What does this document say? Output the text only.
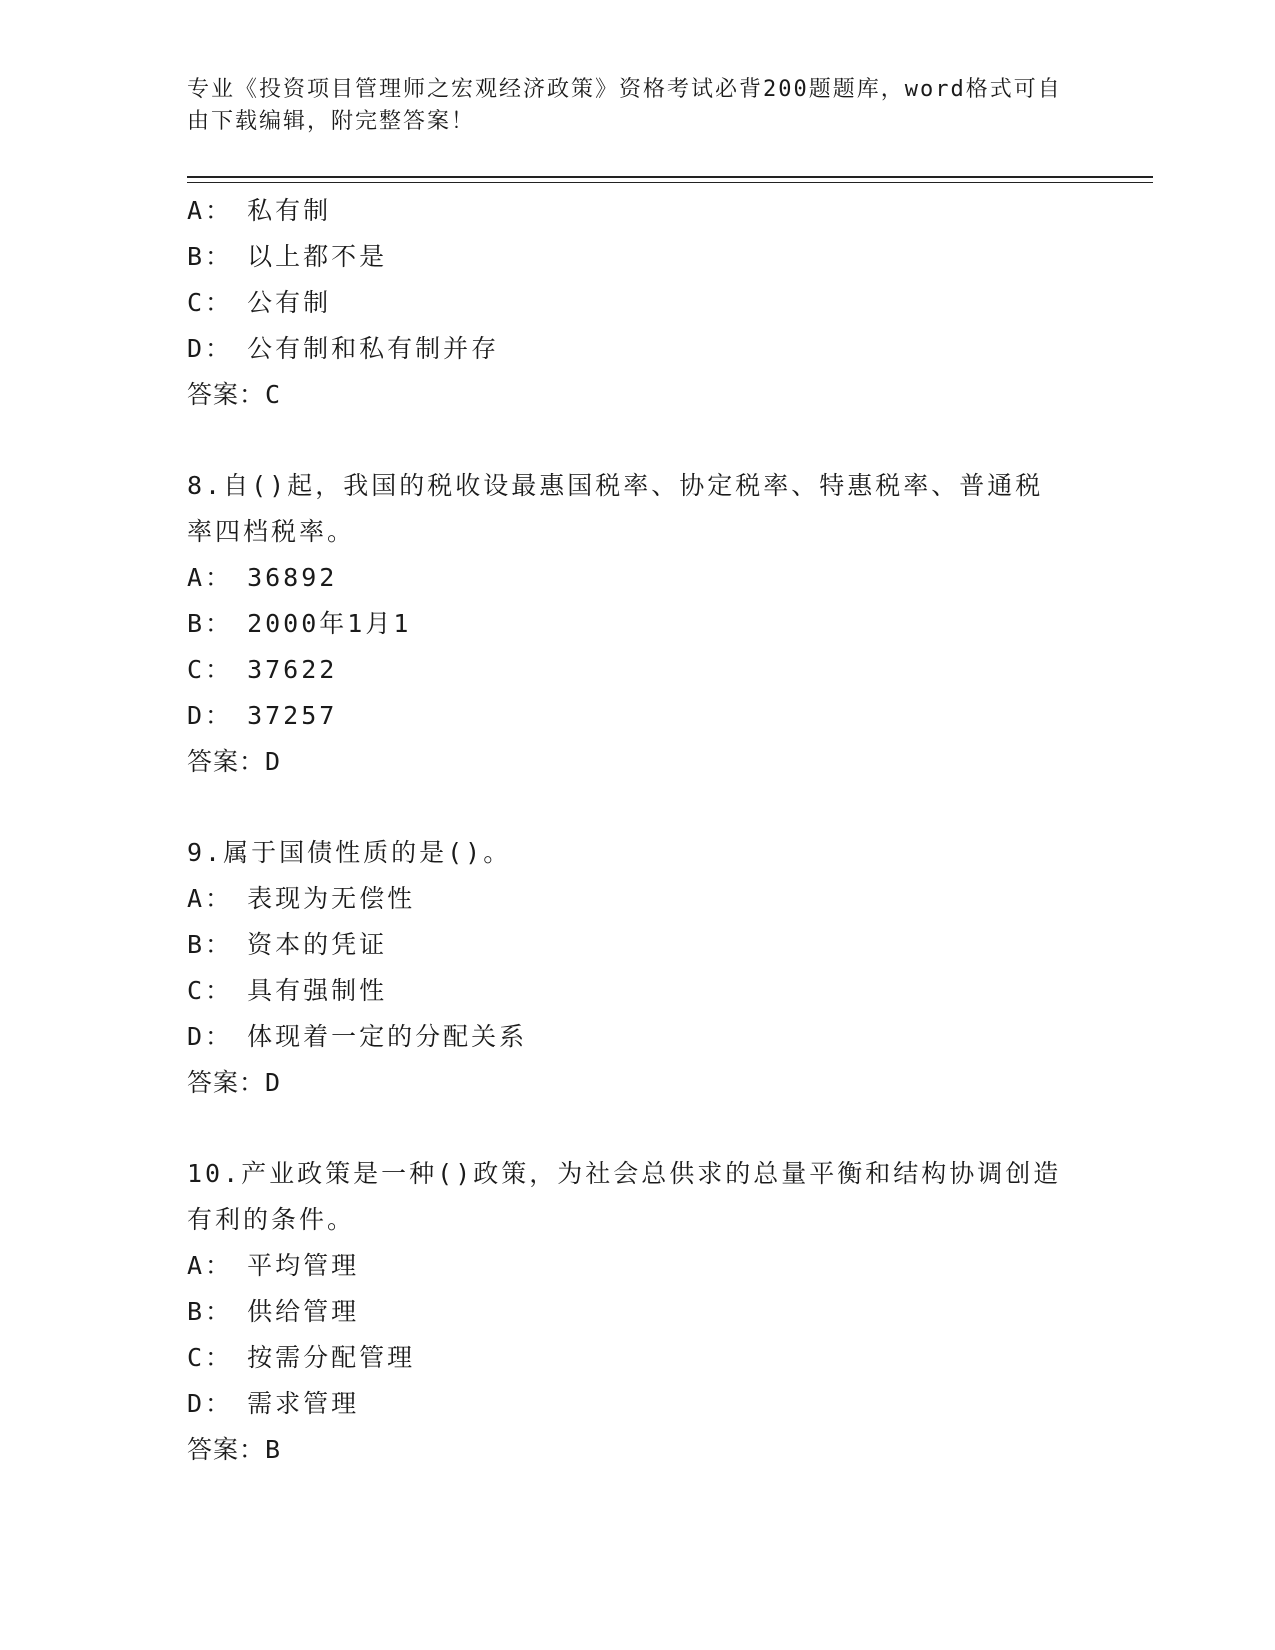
专业《投资项目管理师之宏观经济政策》资格考试必背200题题库，word格式可自由下载编辑，附完整答案！
A： 私有制
B： 以上都不是
C： 公有制
D： 公有制和私有制并存
答案：C
8.自()起，我国的税收设最惠国税率、协定税率、特惠税率、普通税率四档税率。
A： 36892
B： 2000年1月1
C： 37622
D： 37257
答案：D
9.属于国债性质的是()。
A： 表现为无偿性
B： 资本的凭证
C： 具有强制性
D： 体现着一定的分配关系
答案：D
10.产业政策是一种()政策，为社会总供求的总量平衡和结构协调创造有利的条件。
A： 平均管理
B： 供给管理
C： 按需分配管理
D： 需求管理
答案：B
